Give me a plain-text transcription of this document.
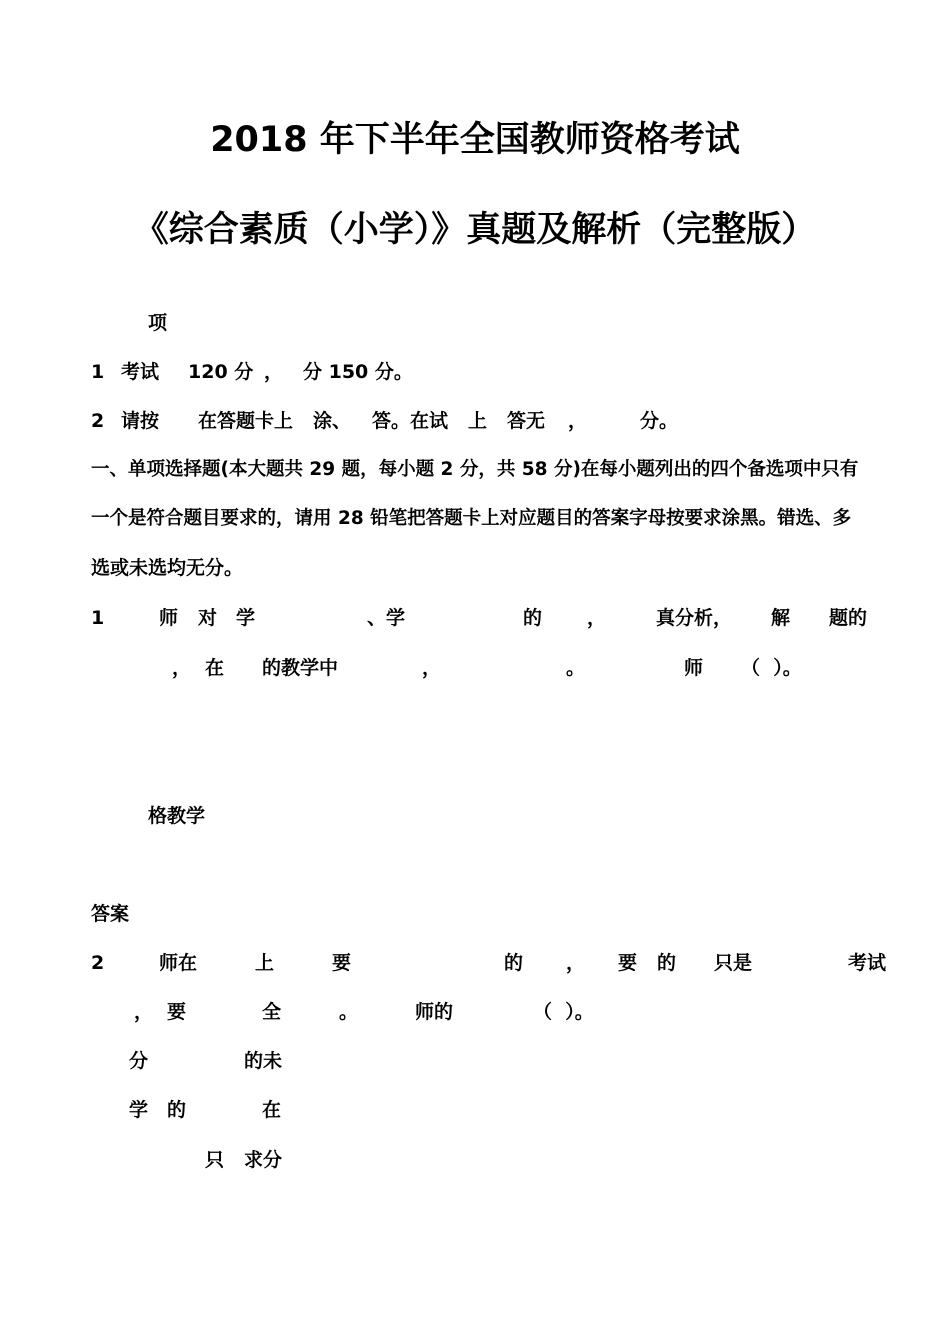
2018 年下半年全国教师资格考试
《综合素质（小学）》真题及解析（完整版）
项
1 考试 120 分 ， 分 150 分。
2 请按 在答题卡上 涂、 答。在试 上 答无 ，	分。
一、单项选择题(本大题共 29 题，每小题 2 分，共 58 分)在每小题列出的四个备选项中只有
一个是符合题目要求的，请用 28 铅笔把答题卡上对应题目的答案字母按要求涂黑。错选、多
选或未选均无分。
1	师 对 学	、学	的 ，	真分析， 解 题的
， 在 的教学中	，	。	师 （  ）。
格教学
答案
2	师在	上	要	的 ， 要 的 只是	考试
， 要	全	。	师的	（  ）。
分	的未
学 的	在
只 求分
